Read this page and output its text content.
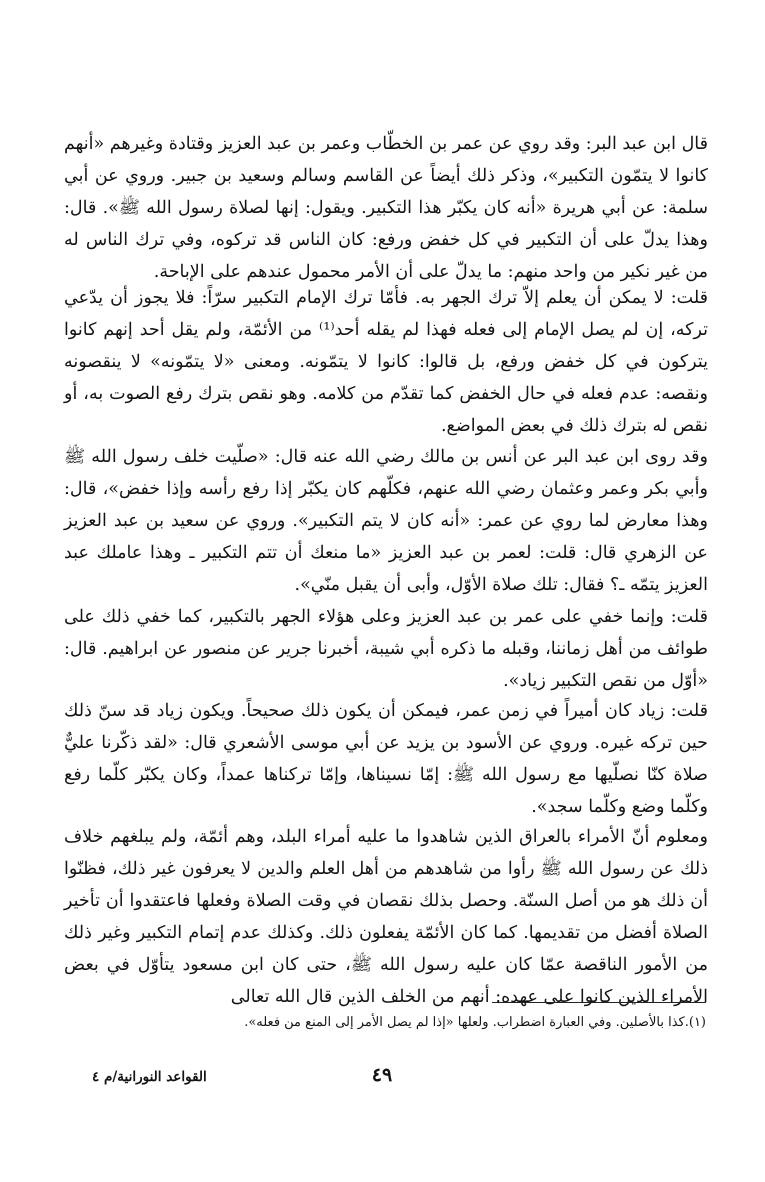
قال ابن عبد البر: وقد روي عن عمر بن الخطّاب وعمر بن عبد العزيز وقتادة وغيرهم «أنهم كانوا لا يتمّون التكبير»، وذكر ذلك أيضاً عن القاسم وسالم وسعيد بن جبير. وروي عن أبي سلمة: عن أبي هريرة «أنه كان يكبّر هذا التكبير. ويقول: إنها لصلاة رسول الله ﷺ». قال: وهذا يدلّ على أن التكبير في كل خفض ورفع: كان الناس قد تركوه، وفي ترك الناس له من غير نكير من واحد منهم: ما يدلّ على أن الأمر محمول عندهم على الإباحة.

قلت: لا يمكن أن يعلم إلاّ ترك الجهر به. فأمّا ترك الإمام التكبير سرّاً: فلا يجوز أن يدّعي تركه، إن لم يصل الإمام إلى فعله فهذا لم يقله أحد⁽¹⁾ من الأئمّة، ولم يقل أحد إنهم كانوا يتركون في كل خفض ورفع، بل قالوا: كانوا لا يتمّونه. ومعنى «لا يتمّونه» لا ينقصونه ونقصه: عدم فعله في حال الخفض كما تقدّم من كلامه. وهو نقص بترك رفع الصوت به، أو نقص له بترك ذلك في بعض المواضع.

وقد روى ابن عبد البر عن أنس بن مالك رضي الله عنه قال: «صلّيت خلف رسول الله ﷺ وأبي بكر وعمر وعثمان رضي الله عنهم، فكلّهم كان يكبّر إذا رفع رأسه وإذا خفض»، قال: وهذا معارض لما روي عن عمر: «أنه كان لا يتم التكبير». وروي عن سعيد بن عبد العزيز عن الزهري قال: قلت: لعمر بن عبد العزيز «ما منعك أن تتم التكبير ـ وهذا عاملك عبد العزيز يتمّه ـ؟ فقال: تلك صلاة الأوّل، وأبى أن يقبل منّي».

قلت: وإنما خفي على عمر بن عبد العزيز وعلى هؤلاء الجهر بالتكبير، كما خفي ذلك على طوائف من أهل زماننا، وقبله ما ذكره أبي شيبة، أخبرنا جرير عن منصور عن ابراهيم. قال: «أوّل من نقص التكبير زياد».

قلت: زياد كان أميراً في زمن عمر، فيمكن أن يكون ذلك صحيحاً. ويكون زياد قد سنّ ذلك حين تركه غيره. وروي عن الأسود بن يزيد عن أبي موسى الأشعري قال: «لقد ذكّرنا عليٌّ صلاة كنّا نصلّيها مع رسول الله ﷺ: إمّا نسيناها، وإمّا تركناها عمداً، وكان يكبّر كلّما رفع وكلّما وضع وكلّما سجد».

ومعلوم أنّ الأمراء بالعراق الذين شاهدوا ما عليه أمراء البلد، وهم أئمّة، ولم يبلغهم خلاف ذلك عن رسول الله ﷺ رأوا من شاهدهم من أهل العلم والدين لا يعرفون غير ذلك، فظنّوا أن ذلك هو من أصل السنّة. وحصل بذلك نقصان في وقت الصلاة وفعلها فاعتقدوا أن تأخير الصلاة أفضل من تقديمها. كما كان الأئمّة يفعلون ذلك. وكذلك عدم إتمام التكبير وغير ذلك من الأمور الناقصة عمّا كان عليه رسول الله ﷺ، حتى كان ابن مسعود يتأوّل في بعض الأمراء الذين كانوا على عهده: أنهم من الخلف الذين قال الله تعالى

(١).كذا بالأصلين. وفي العبارة اضطراب. ولعلها «إذا لم يصل الأمر إلى المنع من فعله».
٤٩
القواعد النورانية/م ٤
